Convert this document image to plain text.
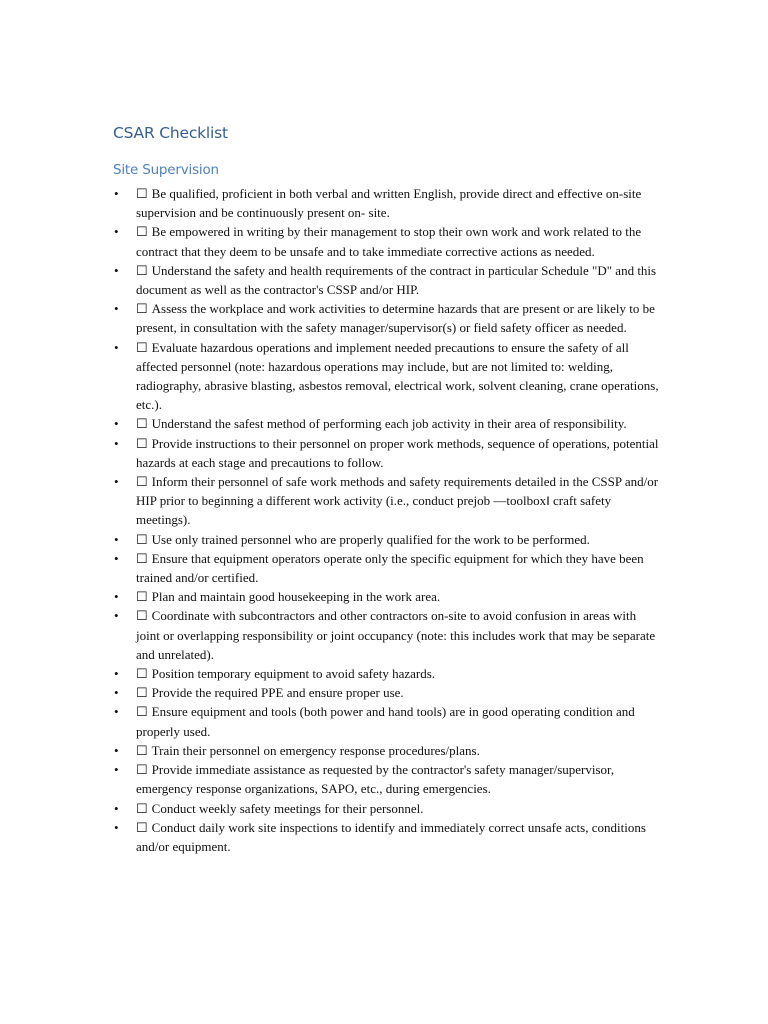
CSAR Checklist
Site Supervision
• ☐ Be qualified, proficient in both verbal and written English, provide direct and effective on-site supervision and be continuously present on- site.
• ☐ Be empowered in writing by their management to stop their own work and work related to the contract that they deem to be unsafe and to take immediate corrective actions as needed.
• ☐ Understand the safety and health requirements of the contract in particular Schedule "D" and this document as well as the contractor's CSSP and/or HIP.
• ☐ Assess the workplace and work activities to determine hazards that are present or are likely to be present, in consultation with the safety manager/supervisor(s) or field safety officer as needed.
• ☐ Evaluate hazardous operations and implement needed precautions to ensure the safety of all affected personnel (note: hazardous operations may include, but are not limited to: welding, radiography, abrasive blasting, asbestos removal, electrical work, solvent cleaning, crane operations, etc.).
• ☐ Understand the safest method of performing each job activity in their area of responsibility.
• ☐ Provide instructions to their personnel on proper work methods, sequence of operations, potential hazards at each stage and precautions to follow.
• ☐ Inform their personnel of safe work methods and safety requirements detailed in the CSSP and/or HIP prior to beginning a different work activity (i.e., conduct prejob ―toolbox‖ craft safety meetings).
• ☐ Use only trained personnel who are properly qualified for the work to be performed.
• ☐ Ensure that equipment operators operate only the specific equipment for which they have been trained and/or certified.
• ☐ Plan and maintain good housekeeping in the work area.
• ☐ Coordinate with subcontractors and other contractors on-site to avoid confusion in areas with joint or overlapping responsibility or joint occupancy (note: this includes work that may be separate and unrelated).
• ☐ Position temporary equipment to avoid safety hazards.
• ☐ Provide the required PPE and ensure proper use.
• ☐ Ensure equipment and tools (both power and hand tools) are in good operating condition and properly used.
• ☐ Train their personnel on emergency response procedures/plans.
• ☐ Provide immediate assistance as requested by the contractor's safety manager/supervisor, emergency response organizations, SAPO, etc., during emergencies.
• ☐ Conduct weekly safety meetings for their personnel.
• ☐ Conduct daily work site inspections to identify and immediately correct unsafe acts, conditions and/or equipment.
